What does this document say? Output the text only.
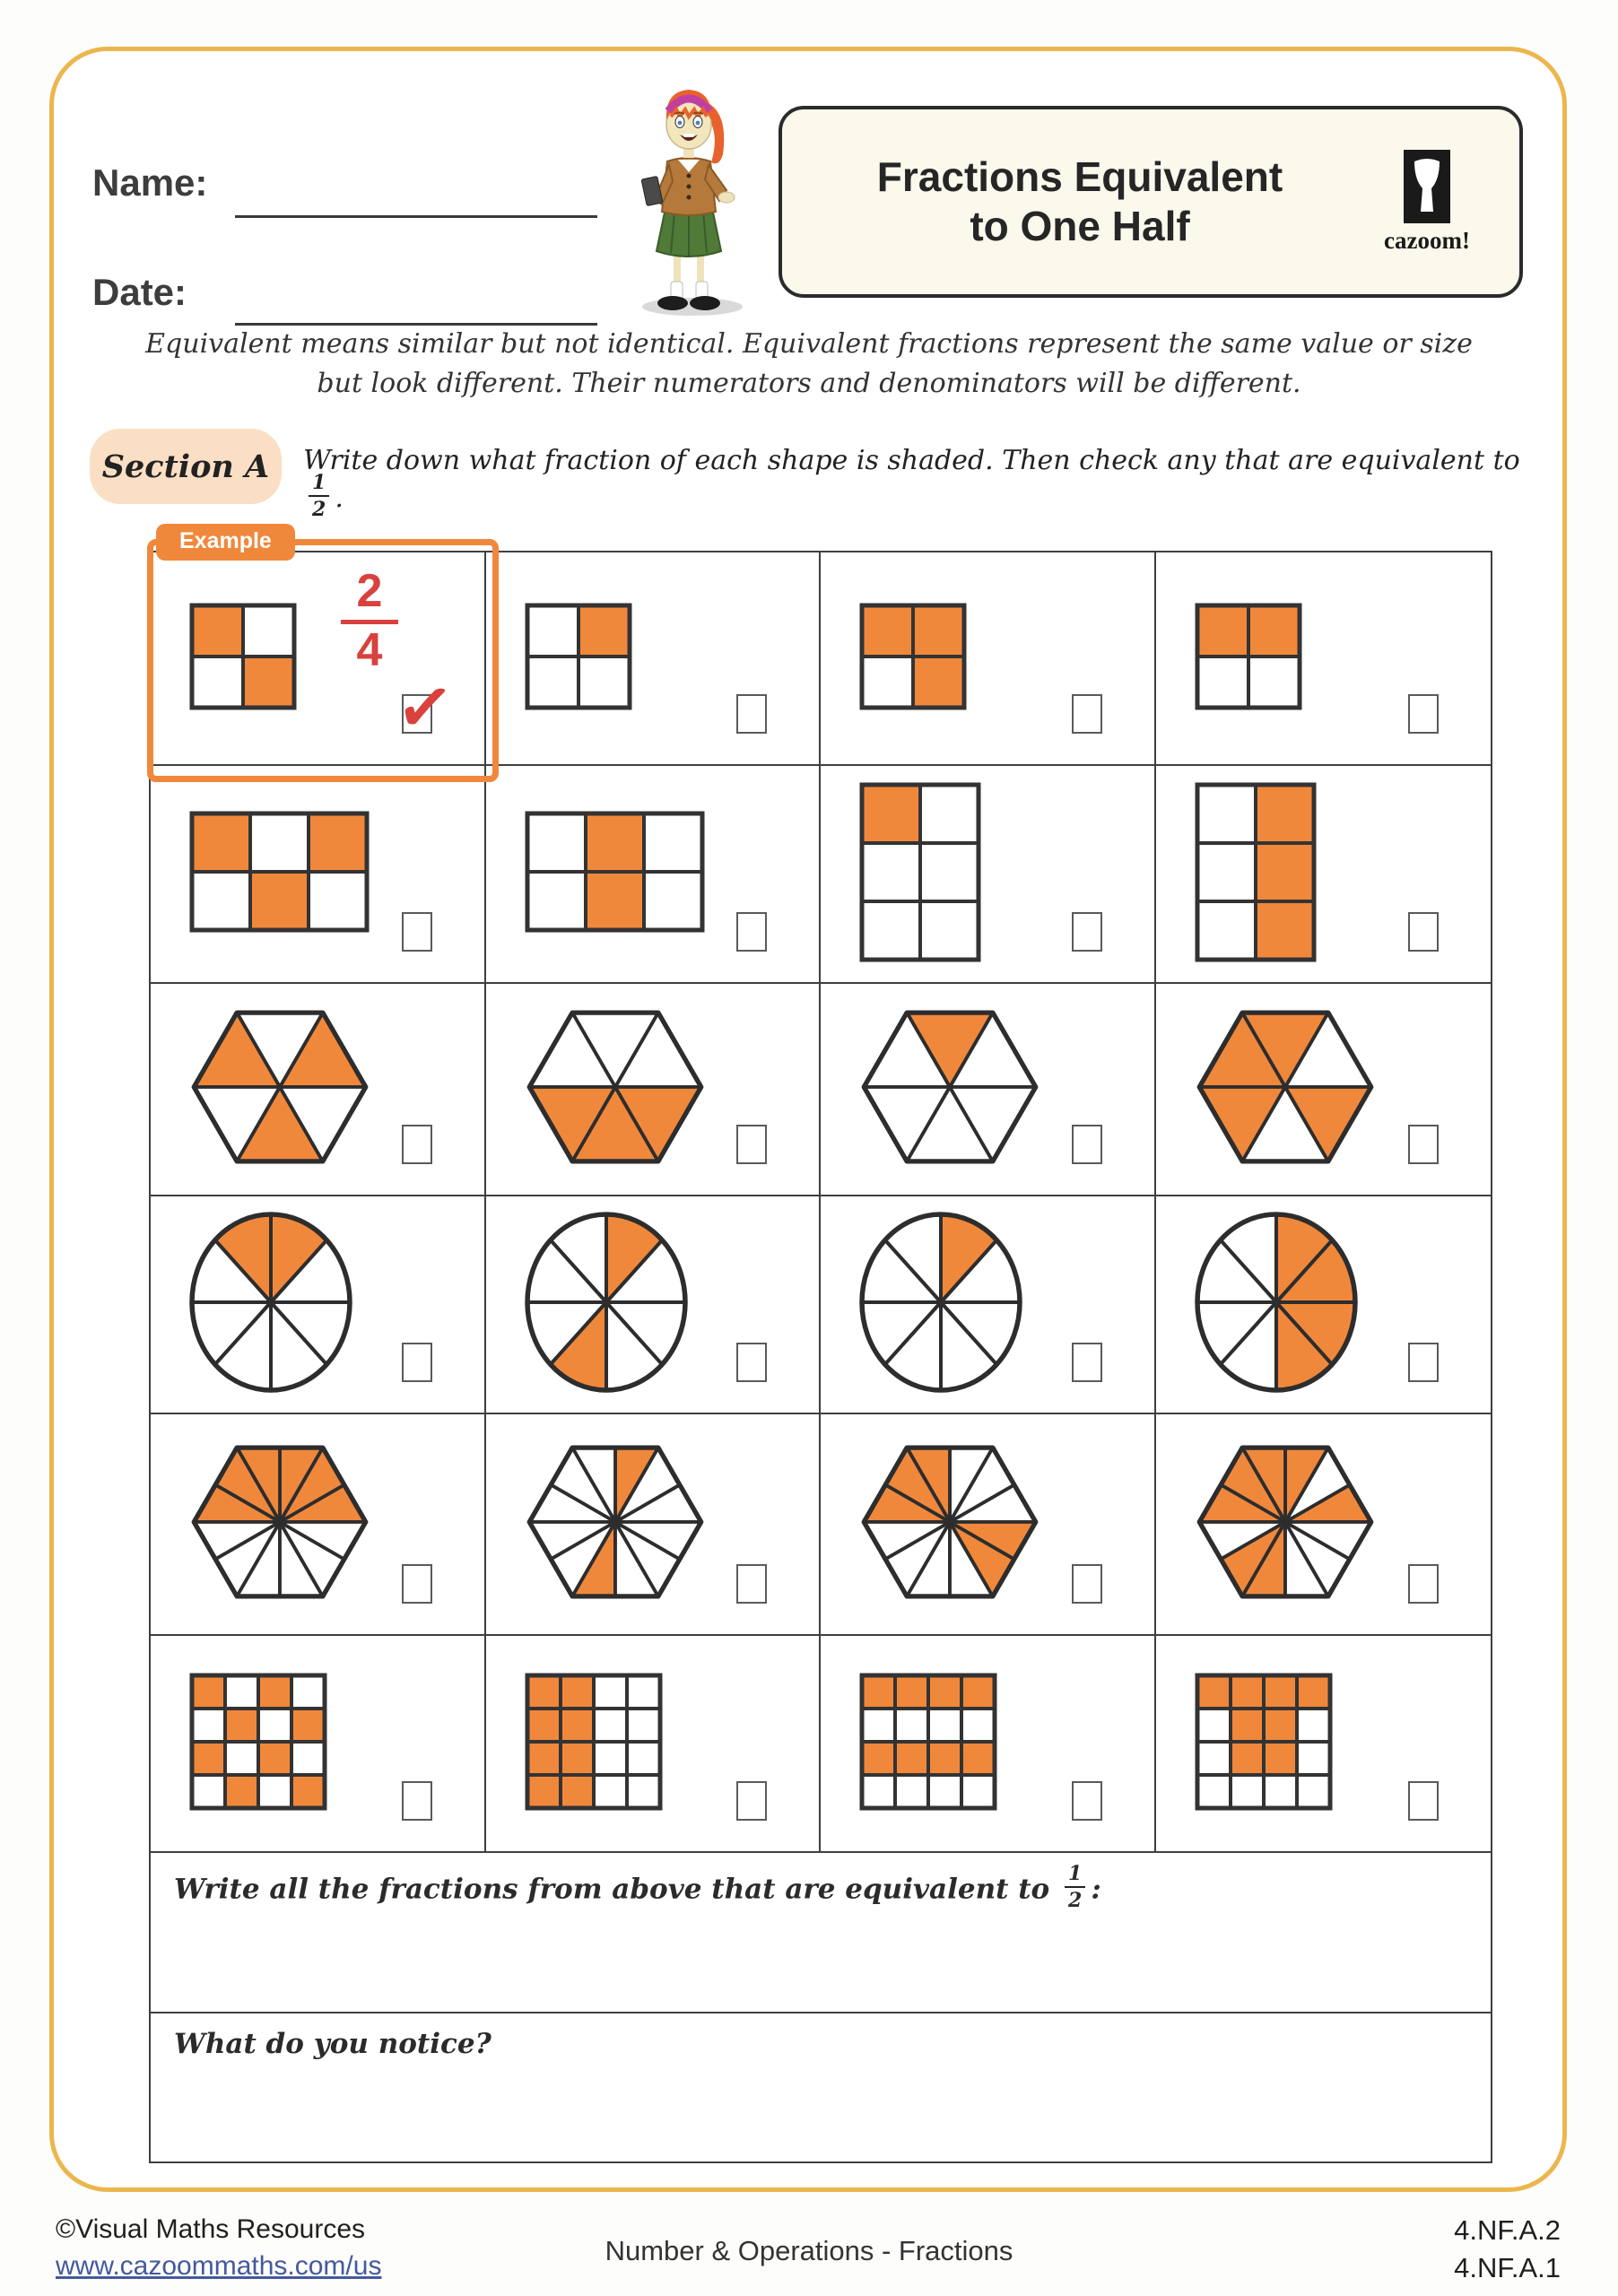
Name:
Date:
Fractions Equivalent
to One Half	cazoom!
Equivalent means similar but not identical. Equivalent fractions represent the same value or size
but look different. Their numerators and denominators will be different.
Section A Write down what fraction of each shape is shaded. Then check any that are equivalent to
$\frac{1}{2}$ .
Example
$\frac{2}{4}$
✓
Write all the fractions from above that are equivalent to $\frac{1}{2}$ :
What do you notice?
©Visual Maths Resources
www.cazoommaths.com/us	Number & Operations - Fractions
4.NF.A.2
4.NF.A.1
